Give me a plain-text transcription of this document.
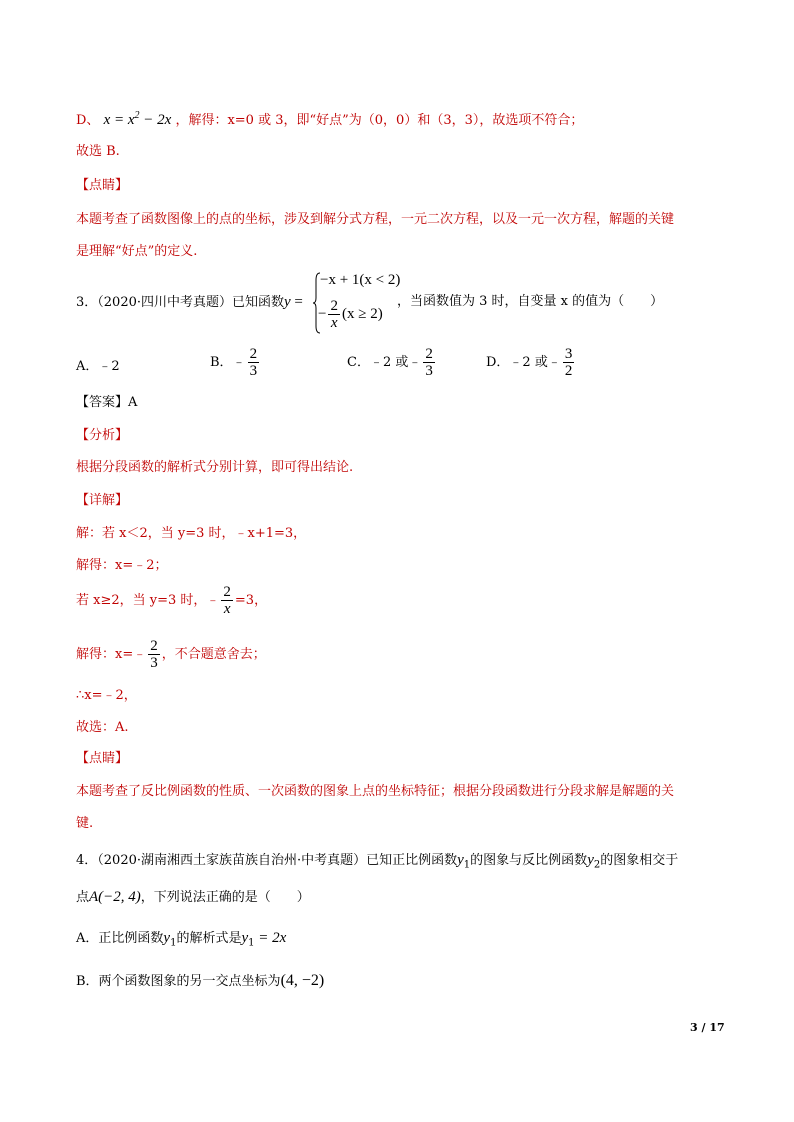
D、 $x = x^2 - 2x$ ，解得：x=0 或 3，即“好点”为（0，0）和（3，3），故选项不符合；
故选 B.
【点睛】
本题考查了函数图像上的点的坐标，涉及到解分式方程，一元二次方程，以及一元一次方程，解题的关键
是理解“好点”的定义.
3．（2020·四川中考真题）已知函数y =
−x + 1(x < 2)
− $\frac{2}{x} (x \ge 2)$
，当函数值为 3 时，自变量 x 的值为（　　）
A．﹣2	B．﹣ $\frac{2}{3}$	C．﹣2 或﹣ $\frac{2}{3}$	D．﹣2 或﹣ $\frac{3}{2}$
【答案】A
【分析】
根据分段函数的解析式分别计算，即可得出结论.
【详解】
解：若 x＜2，当 y=3 时，﹣x+1=3，
解得：x=﹣2；
若 x≥2，当 y=3 时，﹣ $\frac{2}{x} =3$，
解得：x=﹣ $\frac{2}{3}$ ，不合题意舍去；
∴x=﹣2，
故选：A.
【点睛】
本题考查了反比例函数的性质、一次函数的图象上点的坐标特征；根据分段函数进行分段求解是解题的关
键.
4．（2020·湖南湘西土家族苗族自治州·中考真题）已知正比例函数$y_1$的图象与反比例函数$y_2$的图象相交于
点A(−2, 4)，下列说法正确的是（　　）
A．正比例函数$y_1$的解析式是$y_1 = 2x$
B．两个函数图象的另一交点坐标为(4, −2)
3 / 17
